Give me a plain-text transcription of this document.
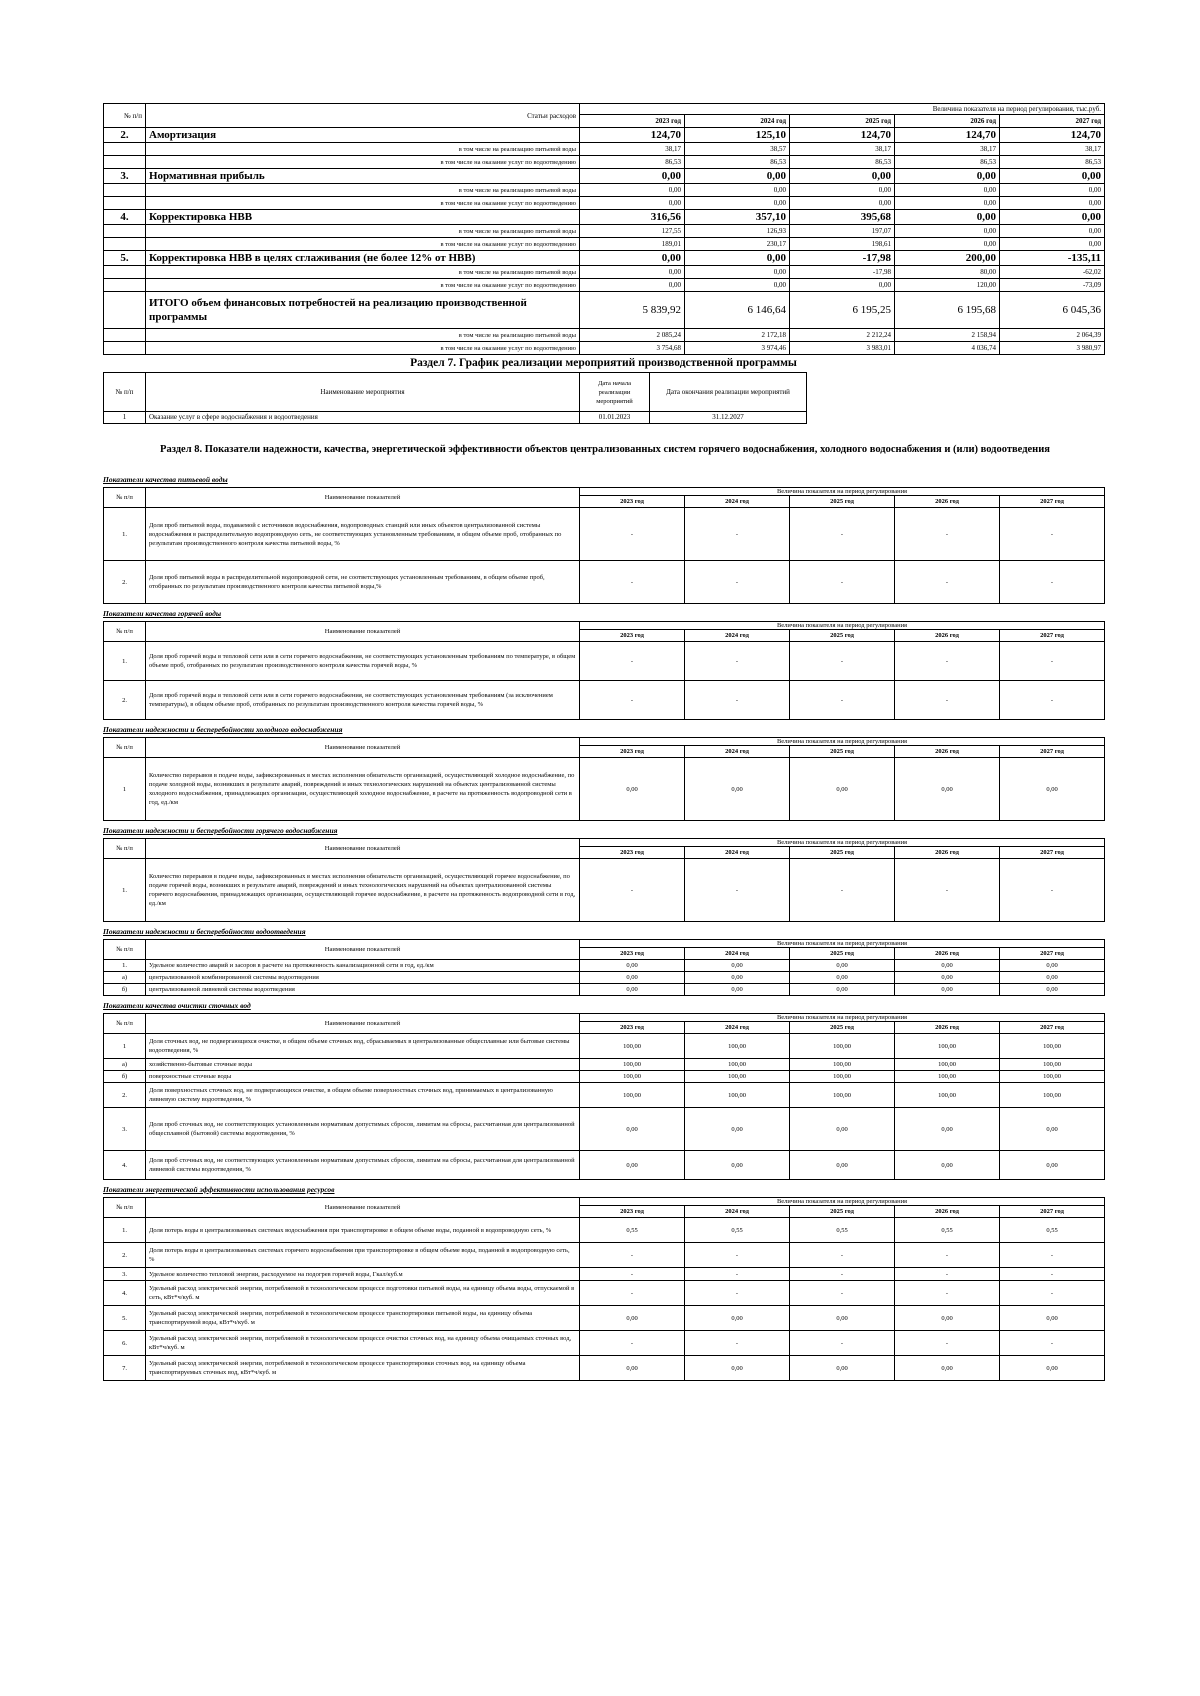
№ п/п	Статьи расходов	Величина показателя на период регулирования, тыс.руб.				
		2023 год	2024 год	2025 год	2026 год	2027 год
2.	Амортизация	124,70	125,10	124,70	124,70	124,70
	в том числе на реализацию питьевой воды	38,17	38,57	38,17	38,17	38,17
	в том числе на оказание услуг по водоотведению	86,53	86,53	86,53	86,53	86,53
3.	Нормативная прибыль	0,00	0,00	0,00	0,00	0,00
	в том числе на реализацию питьевой воды	0,00	0,00	0,00	0,00	0,00
	в том числе на оказание услуг по водоотведению	0,00	0,00	0,00	0,00	0,00
4.	Корректировка НВВ	316,56	357,10	395,68	0,00	0,00
	в том числе на реализацию питьевой воды	127,55	126,93	197,07	0,00	0,00
	в том числе на оказание услуг по водоотведению	189,01	230,17	198,61	0,00	0,00
5.	Корректировка НВВ в целях сглаживания (не более 12% от НВВ)	0,00	0,00	-17,98	200,00	-135,11
	в том числе на реализацию питьевой воды	0,00	0,00	-17,98	80,00	-62,02
	в том числе на оказание услуг по водоотведению	0,00	0,00	0,00	120,00	-73,09
	ИТОГО объем финансовых потребностей на реализацию производственной программы	5 839,92	6 146,64	6 195,25	6 195,68	6 045,36
	в том числе на реализацию питьевой воды	2 085,24	2 172,18	2 212,24	2 158,94	2 064,39
	в том числе на оказание услуг по водоотведению	3 754,68	3 974,46	3 983,01	4 036,74	3 980,97
Раздел 7. График реализации мероприятий производственной программы
№ п/п	Наименование мероприятия	Дата начала реализации мероприятий	Дата окончания реализации мероприятий
1	Оказание услуг в сфере водоснабжения и водоотведения	01.01.2023	31.12.2027
Раздел 8. Показатели надежности, качества, энергетической эффективности объектов централизованных систем горячего водоснабжения, холодного водоснабжения и (или) водоотведения
Показатели качества питьевой воды
№ п/п	Наименование показателей	Величина показателя на период регулирования				
		2023 год	2024 год	2025 год	2026 год	2027 год
1.	Доля проб питьевой воды, подаваемой с источников водоснабжения, водопроводных станций или иных объектов централизованной системы водоснабжения в распределительную водопроводную сеть, не соответствующих установленным требованиям, в общем объеме проб, отобранных по результатам производственного контроля качества питьевой воды, %	-	-	-	-	-
2.	Доля проб питьевой воды в распределительной водопроводной сети, не соответствующих установленным требованиям, в общем объеме проб, отобранных по результатам производственного контроля качества питьевой воды,%	-	-	-	-	-
Показатели качества горячей воды
№ п/п	Наименование показателей	Величина показателя на период регулирования				
		2023 год	2024 год	2025 год	2026 год	2027 год
1.	Доля проб горячей воды в тепловой сети или в сети горячего водоснабжения, не соответствующих установленным требованиям по температуре, в общем объеме проб, отобранных по результатам производственного контроля качества горячей воды, %	-	-	-	-	-
2.	Доля проб горячей воды в тепловой сети или в сети горячего водоснабжения, не соответствующих установленным требованиям (за исключением температуры), в общем объеме проб, отобранных по результатам производственного контроля качества горячей воды, %	-	-	-	-	-
Показатели надежности и бесперебойности холодного водоснабжения
№ п/п	Наименование показателей	Величина показателя на период регулирования				
		2023 год	2024 год	2025 год	2026 год	2027 год
1	Количество перерывов в подаче воды, зафиксированных в местах исполнения обязательств организацией, осуществляющей холодное водоснабжение, по подаче холодной воды, возникших в результате аварий, повреждений и иных технологических нарушений на объектах централизованной системы холодного водоснабжения, принадлежащих организации, осуществляющей холодное водоснабжение, в расчете на протяженность водопроводной сети в год, ед./км	0,00	0,00	0,00	0,00	0,00
Показатели надежности и бесперебойности горячего водоснабжения
№ п/п	Наименование показателей	Величина показателя на период регулирования				
		2023 год	2024 год	2025 год	2026 год	2027 год
1.	Количество перерывов в подаче воды, зафиксированных в местах исполнения обязательств организацией, осуществляющей горячее водоснабжение, по подаче горячей воды, возникших в результате аварий, повреждений и иных технологических нарушений на объектах централизованной системы горячего водоснабжения, принадлежащих организации, осуществляющей горячее водоснабжение, в расчете на протяженность водопроводной сети в год, ед./км	-	-	-	-	-
Показатели надежности и бесперебойности водоотведения
№ п/п	Наименование показателей	Величина показателя на период регулирования				
		2023 год	2024 год	2025 год	2026 год	2027 год
1.	Удельное количество аварий и засоров в расчете на протяженность канализационной сети в год, ед./км	0,00	0,00	0,00	0,00	0,00
а)	централизованной комбинированной системы водоотведения	0,00	0,00	0,00	0,00	0,00
б)	централизованной ливневой системы водоотведения	0,00	0,00	0,00	0,00	0,00
Показатели качества очистки сточных вод
№ п/п	Наименование показателей	Величина показателя на период регулирования				
		2023 год	2024 год	2025 год	2026 год	2027 год
1	Доля сточных вод, не подвергающихся очистке, в общем объеме сточных вод, сбрасываемых в централизованные общесплавные или бытовые системы водоотведения, %	100,00	100,00	100,00	100,00	100,00
а)	хозяйственно-бытовые сточные воды	100,00	100,00	100,00	100,00	100,00
б)	поверхностные сточные воды	100,00	100,00	100,00	100,00	100,00
2.	Доля поверхностных сточных вод, не подвергающихся очистке, в общем объеме поверхностных сточных вод, принимаемых в централизованную ливневую систему водоотведения, %	100,00	100,00	100,00	100,00	100,00
3.	Доля проб сточных вод, не соответствующих установленным нормативам допустимых сбросов, лимитам на сбросы, рассчитанная для централизованной общесплавной (бытовой) системы водоотведения, %	0,00	0,00	0,00	0,00	0,00
4.	Доля проб сточных вод, не соответствующих установленным нормативам допустимых сбросов, лимитам на сбросы, рассчитанная для централизованной ливневой системы водоотведения, %	0,00	0,00	0,00	0,00	0,00
Показатели энергетической эффективности использования ресурсов
№ п/п	Наименование показателей	Величина показателя на период регулирования				
		2023 год	2024 год	2025 год	2026 год	2027 год
1.	Доля потерь воды в централизованных системах водоснабжения при транспортировке в общем объеме воды, поданной в водопроводную сеть, %	0,55	0,55	0,55	0,55	0,55
2.	Доля потерь воды в централизованных системах горячего водоснабжения при транспортировке в общем объеме воды, поданной в водопроводную сеть, %	-	-	-	-	-
3.	Удельное количество тепловой энергии, расходуемое на подогрев горячей воды, Гкал/куб.м	-	-	-	-	-
4.	Удельный расход электрической энергии, потребляемой в технологическом процессе подготовки питьевой воды, на единицу объема воды, отпускаемой в сеть, кВт*ч/куб. м	-	-	-	-	-
5.	Удельный расход электрической энергии, потребляемой в технологическом процессе транспортировки питьевой воды, на единицу объема транспортируемой воды, кВт*ч/куб. м	0,00	0,00	0,00	0,00	0,00
6.	Удельный расход электрической энергии, потребляемой в технологическом процессе очистки сточных вод, на единицу объема очищаемых сточных вод, кВт*ч/куб. м	-	-	-	-	-
7.	Удельный расход электрической энергии, потребляемой в технологическом процессе транспортировки сточных вод, на единицу объема транспортируемых сточных вод, кВт*ч/куб. м	0,00	0,00	0,00	0,00	0,00
